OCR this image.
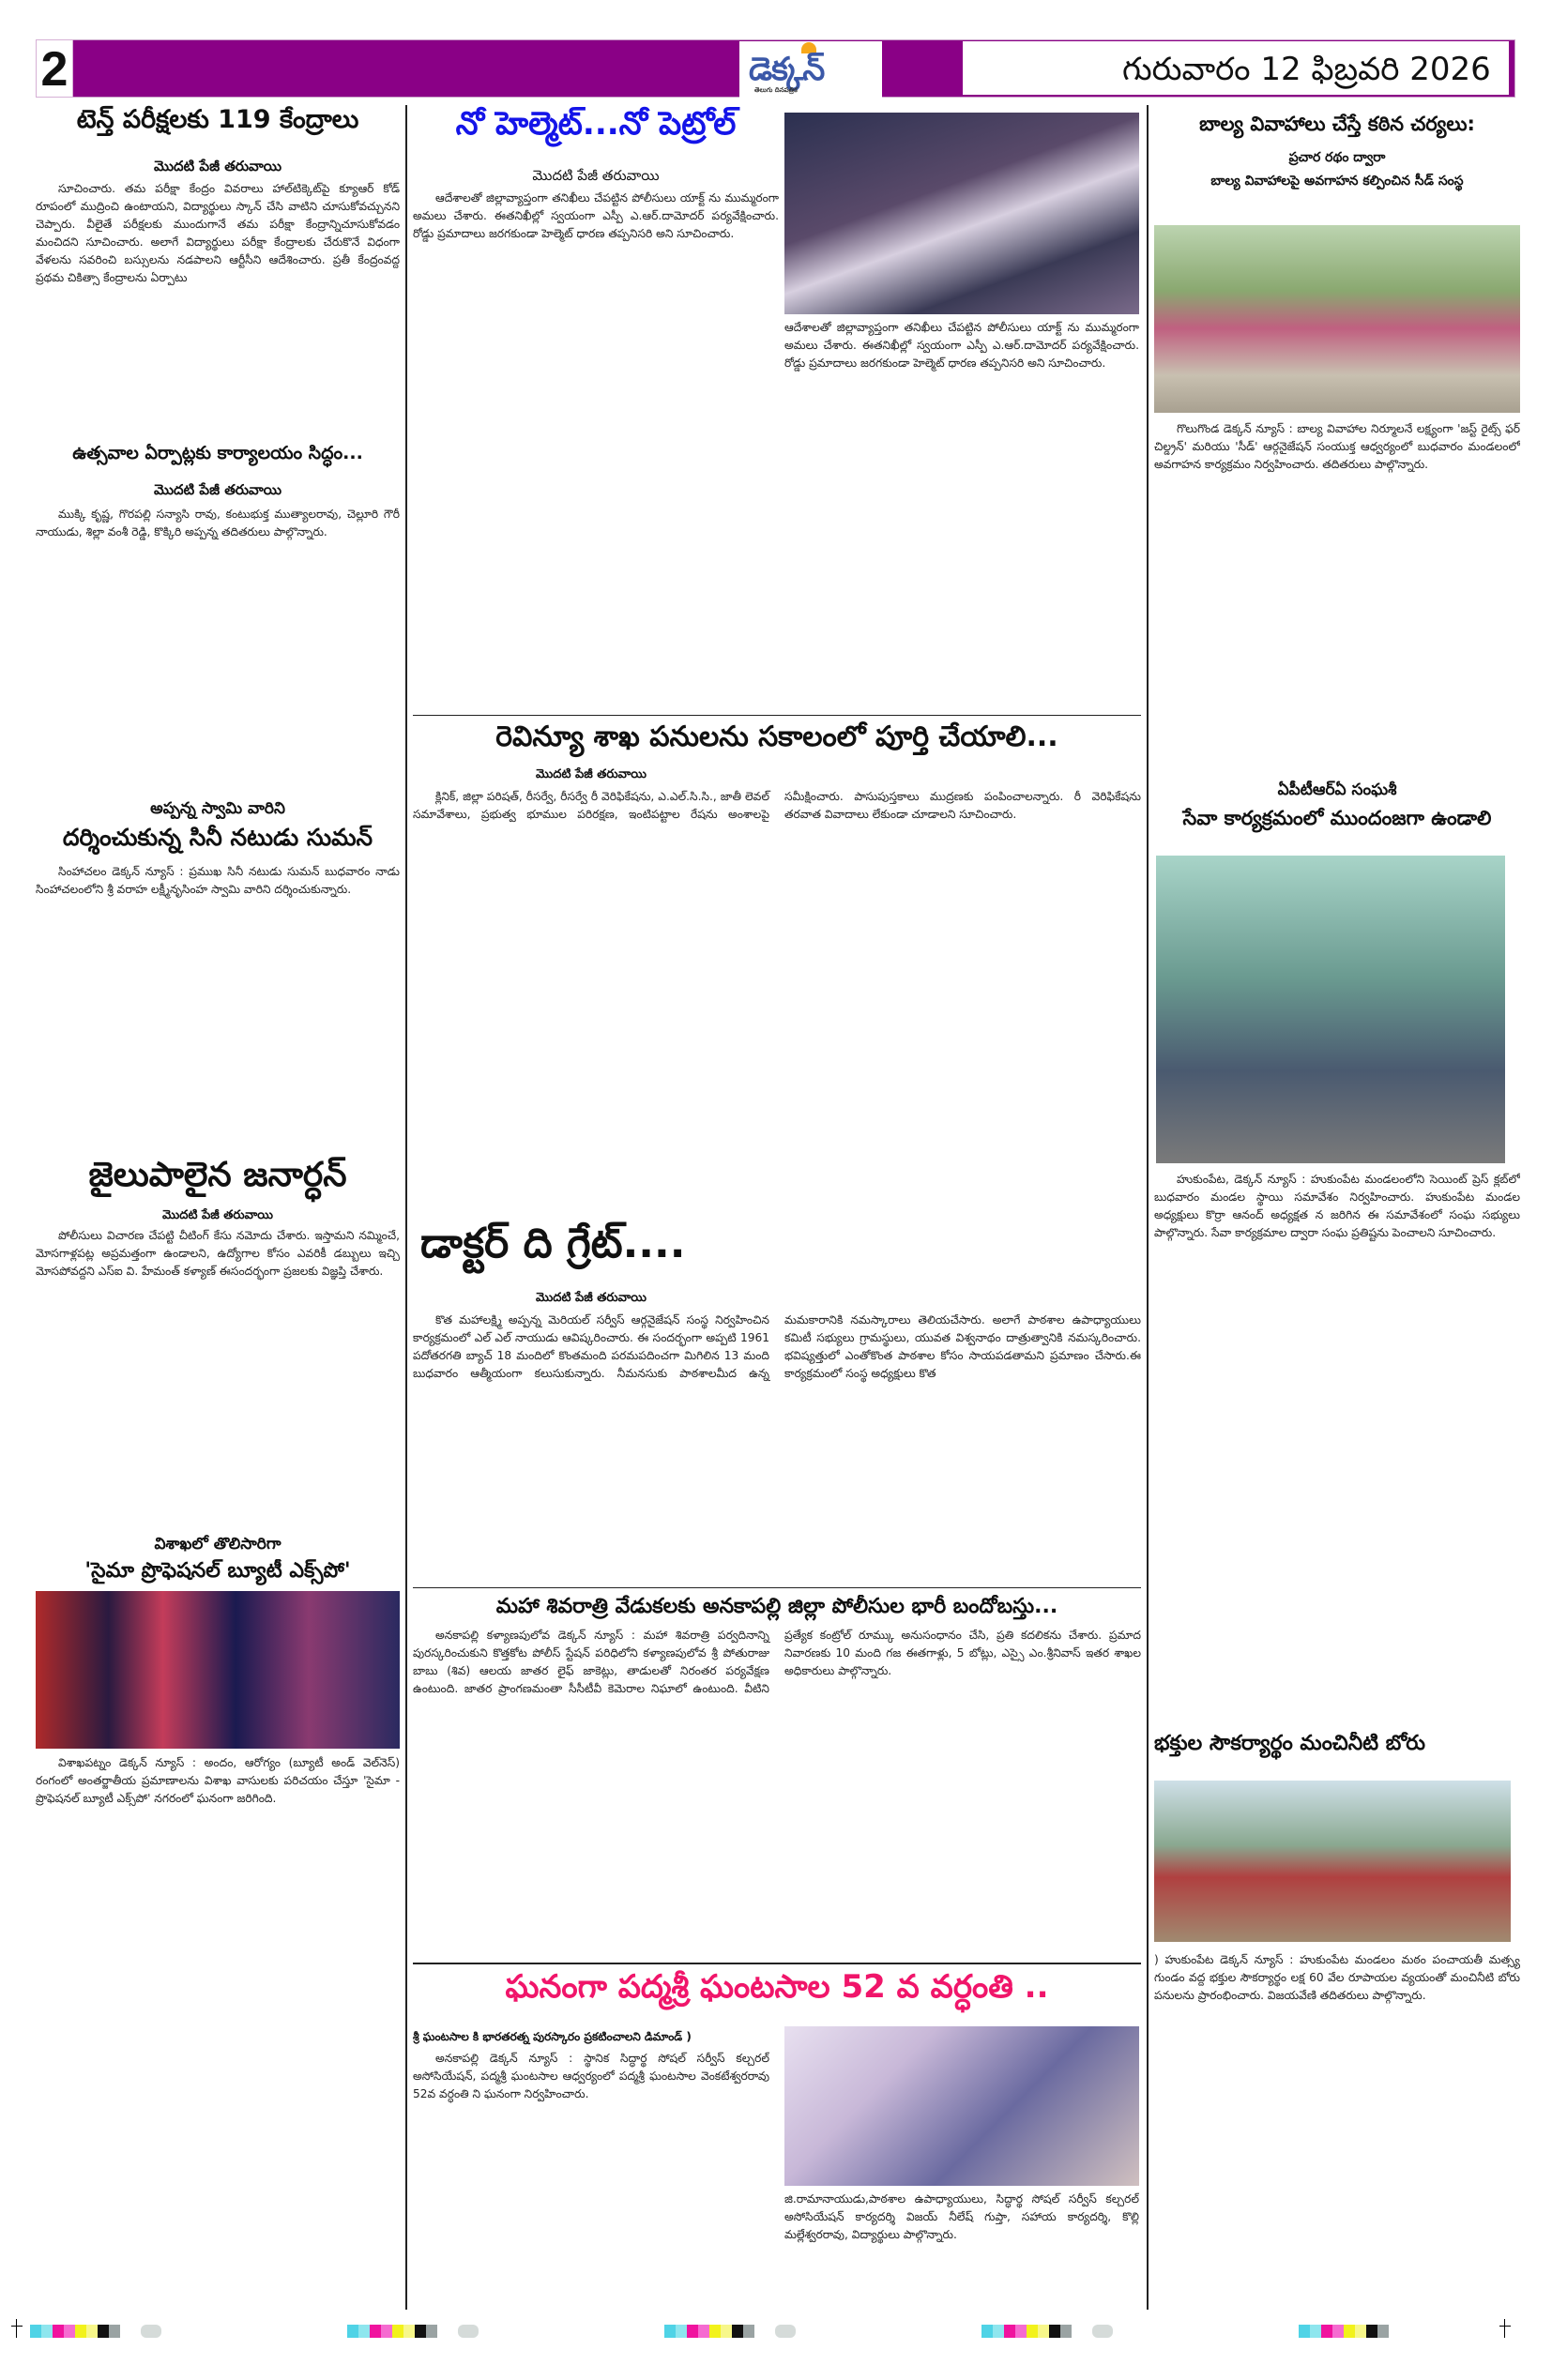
2	డెక్కన్
తెలుగు దినపత్రిక
గురువారం 12 ఫిబ్రవరి 2026
టెన్త్ పరీక్షలకు 119 కేంద్రాలు
మొదటి పేజీ తరువాయి
సూచించారు. తమ పరీక్షా కేంద్రం వివరాలు హాల్‌టిక్కెట్‌పై క్యూఆర్ కోడ్ రూపంలో ముద్రించి ఉంటాయని, విద్యార్థులు స్కాన్ చేసి వాటిని చూసుకోవచ్చునని చెప్పారు. వీలైతే పరీక్షలకు ముందుగానే తమ పరీక్షా కేంద్రాన్నిచూసుకోవడం మంచిదని సూచించారు. అలాగే విద్యార్థులు పరీక్షా కేంద్రాలకు చేరుకొనే విధంగా వేళలను సవరించి బస్సులను నడపాలని ఆర్టీసీని ఆదేశించారు. ప్రతీ కేంద్రంవద్ద ప్రథమ చికిత్సా కేంద్రాలను ఏర్పాటు
ఉత్సవాల ఏర్పాట్లకు కార్యాలయం సిద్ధం...
మొదటి పేజీ తరువాయి
ముక్కి కృష్ణ, గొరపల్లి సన్యాసి రావు, కంటుభుక్త ముత్యాలరావు, చెల్లూరి గౌరీ నాయుడు, శిల్లా వంశీ రెడ్డి, కొక్కిరి అప్పన్న తదితరులు పాల్గొన్నారు.
అప్పన్న స్వామి వారిని
దర్శించుకున్న సినీ నటుడు సుమన్
సింహాచలం డెక్కన్ న్యూస్ : ప్రముఖ సినీ నటుడు సుమన్ బుధవారం నాడు సింహాచలంలోని శ్రీ వరాహ లక్ష్మీనృసింహ స్వామి వారిని దర్శించుకున్నారు.
జైలుపాలైన జనార్ధన్
మొదటి పేజీ తరువాయి
పోలీసులు విచారణ చేపట్టి చీటింగ్ కేసు నమోదు చేశారు. ఇస్తామని నమ్మించే, మోసగాళ్లపట్ల అప్రమత్తంగా ఉండాలని, ఉద్యోగాల కోసం ఎవరికీ డబ్బులు ఇచ్చి మోసపోవద్దని ఎస్ఐ వి. హేమంత్ కళ్యాణ్ ఈసందర్భంగా ప్రజలకు విజ్ఞప్తి చేశారు.
విశాఖలో తొలిసారిగా
'సైమా ప్రొఫెషనల్ బ్యూటీ ఎక్స్‌పో'
విశాఖపట్నం డెక్కన్ న్యూస్ : అందం, ఆరోగ్యం (బ్యూటీ అండ్ వెల్‌నెస్) రంగంలో అంతర్జాతీయ ప్రమాణాలను విశాఖ వాసులకు పరిచయం చేస్తూ 'సైమా - ప్రొఫెషనల్ బ్యూటీ ఎక్స్‌పో' నగరంలో ఘనంగా జరిగింది.
నో హెల్మెట్...నో పెట్రోల్
మొదటి పేజీ తరువాయి
ఆదేశాలతో జిల్లావ్యాప్తంగా తనిఖీలు చేపట్టిన పోలీసులు యాక్ట్ ను ముమ్మరంగా అమలు చేశారు. ఈతనిఖీల్లో స్వయంగా ఎస్పీ ఎ.ఆర్.దామోదర్ పర్యవేక్షించారు. రోడ్డు ప్రమాదాలు జరగకుండా హెల్మెట్ ధారణ తప్పనిసరి అని సూచించారు.
ఆదేశాలతో జిల్లావ్యాప్తంగా తనిఖీలు చేపట్టిన పోలీసులు యాక్ట్ ను ముమ్మరంగా అమలు చేశారు. ఈతనిఖీల్లో స్వయంగా ఎస్పీ ఎ.ఆర్.దామోదర్ పర్యవేక్షించారు. రోడ్డు ప్రమాదాలు జరగకుండా హెల్మెట్ ధారణ తప్పనిసరి అని సూచించారు.
రెవిన్యూ శాఖ పనులను సకాలంలో పూర్తి చేయాలి...
మొదటి పేజీ తరువాయి
క్లినిక్, జిల్లా పరిషత్, రీసర్వే, రీసర్వే రీ వెరిఫికేషను, ఎ.ఎల్.సి.సి., జాతీ లెవల్ సమావేశాలు, ప్రభుత్వ భూముల పరిరక్షణ, ఇంటిపట్టాల రేషను అంశాలపై సమీక్షించారు. పాసుపుస్తకాలు ముద్రణకు పంపించాలన్నారు. రీ వెరిఫికేషను తరవాత వివాదాలు లేకుండా చూడాలని సూచించారు.
డాక్టర్ ది గ్రేట్....
మొదటి పేజీ తరువాయి
కొత మహాలక్ష్మి అప్పన్న మెరియల్ సర్వీస్ ఆర్గనైజేషన్ సంస్థ నిర్వహించిన కార్యక్రమంలో ఎల్ ఎల్ నాయుడు ఆవిష్కరించారు. ఈ సందర్భంగా అప్పటి 1961 పదోతరగతి బ్యాచ్ 18 మందిలో కొంతమంది పరమపదించగా మిగిలిన 13 మంది బుధవారం ఆత్మీయంగా కలుసుకున్నారు. నీమనసుకు పాఠశాలమీద ఉన్న మమకారానికి నమస్కారాలు తెలియచేసారు. అలాగే పాఠశాల ఉపాధ్యాయులు కమిటీ సభ్యులు గ్రామస్థులు, యువత విశ్వనాథం దాత్రుత్వానికి నమస్కరించారు. భవిష్యత్తులో ఎంతోకొంత పాఠశాల కోసం సాయపడతామని ప్రమాణం చేసారు.ఈ కార్యక్రమంలో సంస్థ అధ్యక్షులు కొత
మహా శివరాత్రి వేడుకలకు అనకాపల్లి జిల్లా పోలీసుల భారీ బందోబస్తు...
అనకాపల్లి కళ్యాణపులోవ డెక్కన్ న్యూస్ : మహా శివరాత్రి పర్వదినాన్ని పురస్కరించుకుని కొత్తకోట పోలీస్ స్టేషన్ పరిధిలోని కళ్యాణపులోవ శ్రీ పోతురాజు బాబు (శివ) ఆలయ జాతర లైఫ్ జాకెట్లు, తాడులతో నిరంతర పర్యవేక్షణ ఉంటుంది. జాతర ప్రాంగణమంతా సీసీటీవీ కెమెరాల నిఘాలో ఉంటుంది. వీటిని ప్రత్యేక కంట్రోల్ రూమ్కు అనుసంధానం చేసి, ప్రతి కదలికను చేశారు. ప్రమాద నివారణకు 10 మంది గజ ఈతగాళ్లు, 5 బోట్లు, ఎస్సై ఎం.శ్రీనివాస్ ఇతర శాఖల అధికారులు పాల్గొన్నారు.
ఘనంగా పద్మశ్రీ ఘంటసాల 52 వ వర్ధంతి ..
శ్రీ ఘంటసాల కి భారతరత్న పురస్కారం ప్రకటించాలని డిమాండ్ )
అనకాపల్లి డెక్కన్ న్యూస్ : స్థానిక సిద్ధార్థ సోషల్ సర్వీస్ కల్చరల్ అసోసియేషన్, పద్మశ్రీ ఘంటసాల ఆధ్వర్యంలో పద్మశ్రీ ఘంటసాల వెంకటేశ్వరరావు 52వ వర్ధంతి ని ఘనంగా నిర్వహించారు.
జి.రామానాయుడు,పాఠశాల ఉపాధ్యాయులు, సిద్ధార్థ సోషల్ సర్వీస్ కల్చరల్ అసోసియేషన్ కార్యదర్శి విజయ్ నీలేష్ గుప్తా, సహాయ కార్యదర్శి, కొల్లి మల్లేశ్వరరావు, విద్యార్థులు పాల్గొన్నారు.
బాల్య వివాహాలు చేస్తే కఠిన చర్యలు:
ప్రచార రథం ద్వారా
బాల్య వివాహాలపై అవగాహన కల్పించిన సీడ్ సంస్థ
గొలుగొండ డెక్కన్ న్యూస్ : బాల్య వివాహాల నిర్మూలనే లక్ష్యంగా 'జస్ట్ రైట్స్ ఫర్ చిల్డ్రన్' మరియు 'సీడ్' ఆర్గనైజేషన్ సంయుక్త ఆధ్వర్యంలో బుధవారం మండలంలో అవగాహన కార్యక్రమం నిర్వహించారు. తదితరులు పాల్గొన్నారు.
ఏపీటీఆర్ఏ సంఘశీ
సేవా కార్యక్రమంలో ముందంజగా ఉండాలి
హుకుంపేట, డెక్కన్ న్యూస్ : హుకుంపేట మండలంలోని సెయింట్ ప్రెస్ క్లబ్‌లో బుధవారం మండల స్థాయి సమావేశం నిర్వహించారు. హుకుంపేట మండల అధ్యక్షులు కొర్రా ఆనంద్ అధ్యక్షత న జరిగిన ఈ సమావేశంలో సంఘ సభ్యులు పాల్గొన్నారు. సేవా కార్యక్రమాల ద్వారా సంఘ ప్రతిష్టను పెంచాలని సూచించారు.
భక్తుల సౌకర్యార్థం మంచినీటి బోరు
) హుకుంపేట డెక్కన్ న్యూస్ : హుకుంపేట మండలం మఠం పంచాయతీ మత్స్య గుండం వద్ద భక్తుల సౌకర్యార్థం లక్ష 60 వేల రూపాయల వ్యయంతో మంచినీటి బోరు పనులను ప్రారంభించారు. విజయవేణి తదితరులు పాల్గొన్నారు.
